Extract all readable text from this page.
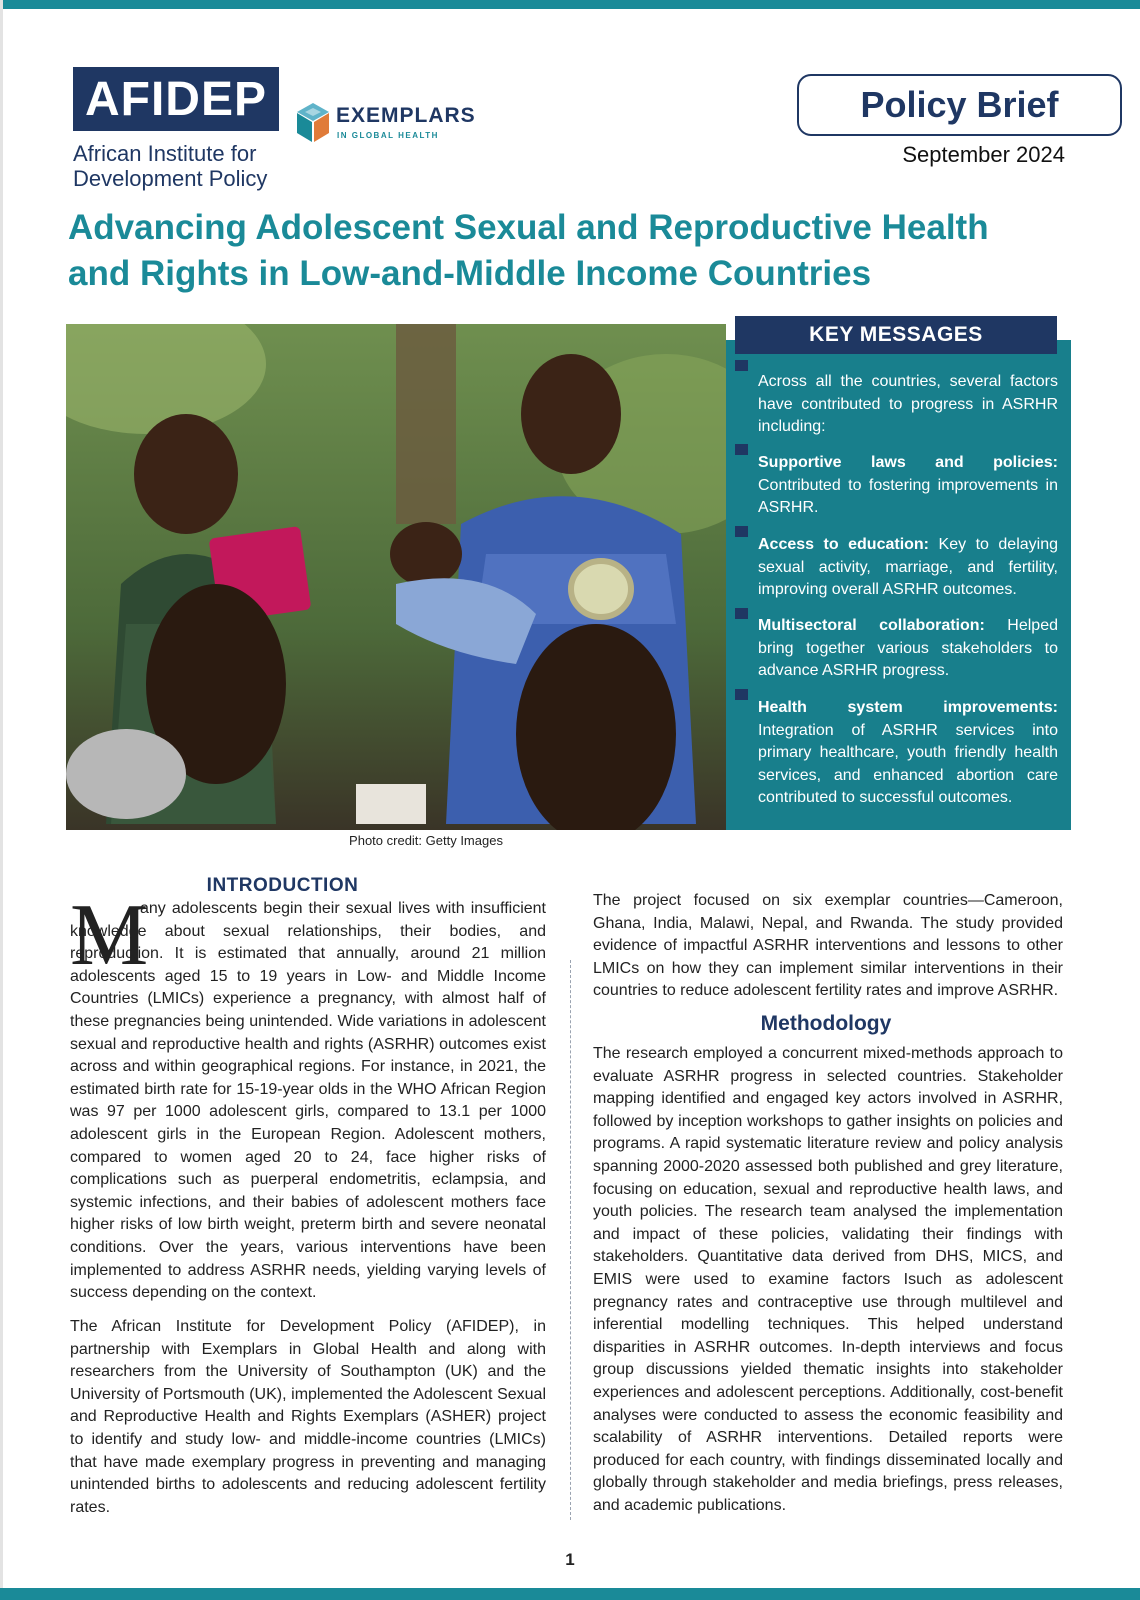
AFIDEP
African Institute for
Development Policy
EXEMPLARS
IN GLOBAL HEALTH
Policy Brief
September 2024
Advancing Adolescent Sexual and Reproductive Health
and Rights in Low-and-Middle Income Countries
Photo credit: Getty Images
KEY MESSAGES
Across all the countries, several factors have contributed to progress in ASRHR including:
Supportive laws and policies: Contributed to fostering improvements in ASRHR.
Access to education: Key to delaying sexual activity, marriage, and fertility, improving overall ASRHR outcomes.
Multisectoral collaboration: Helped bring together various stakeholders to advance ASRHR progress.
Health system improvements: Integration of ASRHR services into primary healthcare, youth friendly health services, and enhanced abortion care contributed to successful outcomes.
INTRODUCTION
M
any adolescents begin their sexual lives with insufficient knowledge about sexual relationships, their bodies, and reproduction. It is estimated that annually, around 21 million adolescents aged 15 to 19 years in Low- and Middle Income Countries (LMICs) experience a pregnancy, with almost half of these pregnancies being unintended. Wide variations in adolescent sexual and reproductive health and rights (ASRHR) outcomes exist across and within geographical regions. For instance, in 2021, the estimated birth rate for 15-19-year olds in the WHO African Region was 97 per 1000 adolescent girls, compared to 13.1 per 1000 adolescent girls in the European Region. Adolescent mothers, compared to women aged 20 to 24, face higher risks of complications such as puerperal endometritis, eclampsia, and systemic infections, and their babies of adolescent mothers face higher risks of low birth weight, preterm birth and severe neonatal conditions. Over the years, various interventions have been implemented to address ASRHR needs, yielding varying levels of success depending on the context.
The African Institute for Development Policy (AFIDEP), in partnership with Exemplars in Global Health and along with researchers from the University of Southampton (UK) and the University of Portsmouth (UK), implemented the Adolescent Sexual and Reproductive Health and Rights Exemplars (ASHER) project to identify and study low- and middle-income countries (LMICs) that have made exemplary progress in preventing and managing unintended births to adolescents and reducing adolescent fertility rates.
The project focused on six exemplar countries—Cameroon, Ghana, India, Malawi, Nepal, and Rwanda. The study provided evidence of impactful ASRHR interventions and lessons to other LMICs on how they can implement similar interventions in their countries to reduce adolescent fertility rates and improve ASRHR.
Methodology
The research employed a concurrent mixed-methods approach to evaluate ASRHR progress in selected countries. Stakeholder mapping identified and engaged key actors involved in ASRHR, followed by inception workshops to gather insights on policies and programs. A rapid systematic literature review and policy analysis spanning 2000-2020 assessed both published and grey literature, focusing on education, sexual and reproductive health laws, and youth policies. The research team analysed the implementation and impact of these policies, validating their findings with stakeholders. Quantitative data derived from DHS, MICS, and EMIS were used to examine factors Isuch as adolescent pregnancy rates and contraceptive use through multilevel and inferential modelling techniques. This helped understand disparities in ASRHR outcomes. In-depth interviews and focus group discussions yielded thematic insights into stakeholder experiences and adolescent perceptions. Additionally, cost-benefit analyses were conducted to assess the economic feasibility and scalability of ASRHR interventions. Detailed reports were produced for each country, with findings disseminated locally and globally through stakeholder and media briefings, press releases, and academic publications.
1
